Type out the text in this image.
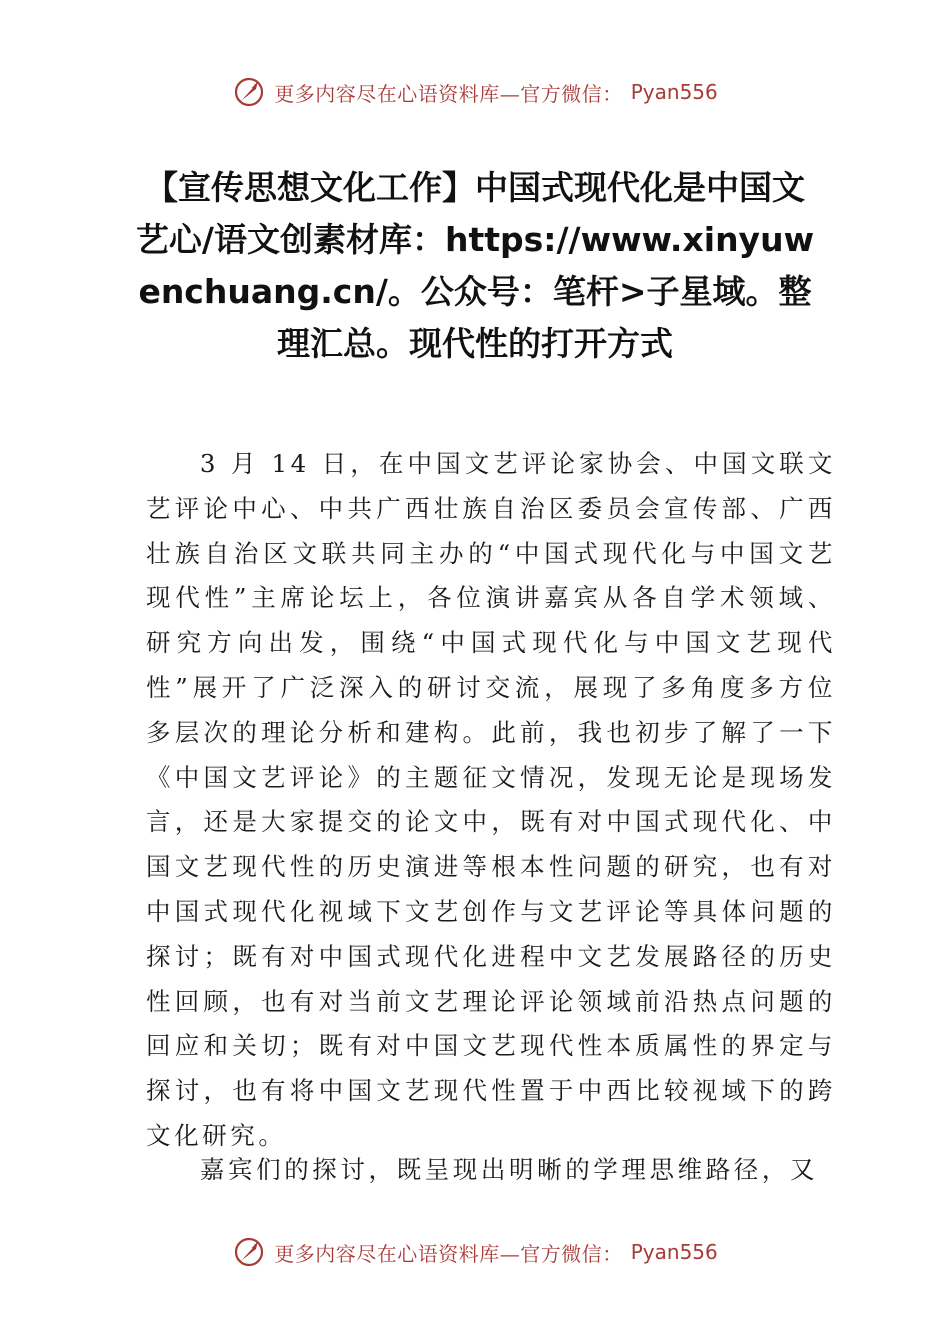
更多内容尽在心语资料库—官方微信： Pyan556
【宣传思想文化工作】中国式现代化是中国文艺心/语文创素材库：https://www.xinyuwenchuang.cn/。公众号：笔杆>子星域。整理汇总。现代性的打开方式
3 月 14 日，在中国文艺评论家协会、中国文联文艺评论中心、中共广西壮族自治区委员会宣传部、广西壮族自治区文联共同主办的“中国式现代化与中国文艺现代性”主席论坛上，各位演讲嘉宾从各自学术领域、研究方向出发，围绕“中国式现代化与中国文艺现代性”展开了广泛深入的研讨交流，展现了多角度多方位多层次的理论分析和建构。此前，我也初步了解了一下《中国文艺评论》的主题征文情况，发现无论是现场发言，还是大家提交的论文中，既有对中国式现代化、中国文艺现代性的历史演进等根本性问题的研究，也有对中国式现代化视域下文艺创作与文艺评论等具体问题的探讨；既有对中国式现代化进程中文艺发展路径的历史性回顾，也有对当前文艺理论评论领域前沿热点问题的回应和关切；既有对中国文艺现代性本质属性的界定与探讨，也有将中国文艺现代性置于中西比较视域下的跨文化研究。
嘉宾们的探讨，既呈现出明晰的学理思维路径，又
更多内容尽在心语资料库—官方微信： Pyan556
